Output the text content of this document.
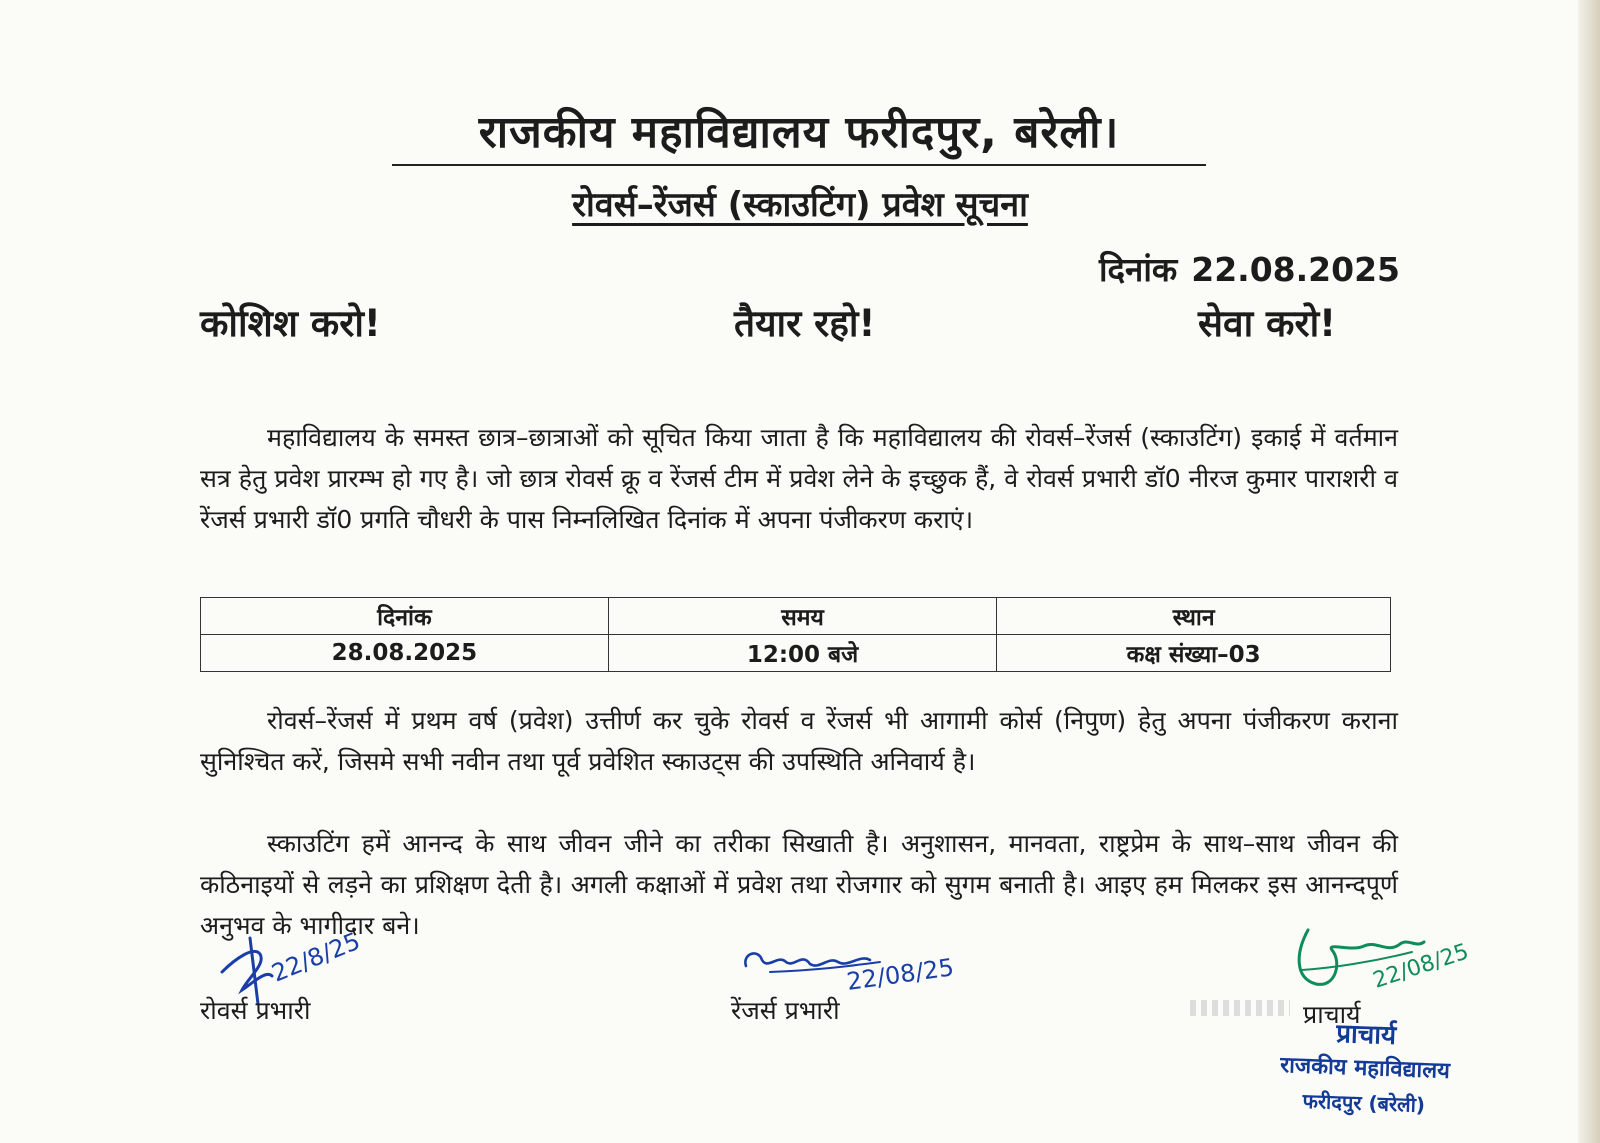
राजकीय महाविद्यालय फरीदपुर, बरेली।
रोवर्स–रेंजर्स (स्काउटिंग) प्रवेश सूचना
दिनांक 22.08.2025
कोशिश करो!	तैयार रहो!	सेवा करो!

महाविद्यालय के समस्त छात्र–छात्राओं को सूचित किया जाता है कि महाविद्यालय की रोवर्स–रेंजर्स (स्काउटिंग) इकाई में वर्तमान सत्र हेतु प्रवेश प्रारम्भ हो गए है। जो छात्र रोवर्स क्रू व रेंजर्स टीम में प्रवेश लेने के इच्छुक हैं, वे रोवर्स प्रभारी डॉ0 नीरज कुमार पाराशरी व रेंजर्स प्रभारी डॉ0 प्रगति चौधरी के पास निम्नलिखित दिनांक में अपना पंजीकरण कराएं।

दिनांक	समय	स्थान
28.08.2025	12:00 बजे	कक्ष संख्या–03

रोवर्स–रेंजर्स में प्रथम वर्ष (प्रवेश) उत्तीर्ण कर चुके रोवर्स व रेंजर्स भी आगामी कोर्स (निपुण) हेतु अपना पंजीकरण कराना सुनिश्चित करें, जिसमे सभी नवीन तथा पूर्व प्रवेशित स्काउट्स की उपस्थिति अनिवार्य है।

स्काउटिंग हमें आनन्द के साथ जीवन जीने का तरीका सिखाती है। अनुशासन, मानवता, राष्ट्रप्रेम के साथ–साथ जीवन की कठिनाइयों से लड़ने का प्रशिक्षण देती है। अगली कक्षाओं में प्रवेश तथा रोजगार को सुगम बनाती है। आइए हम मिलकर इस आनन्दपूर्ण अनुभव के भागीदार बने।

22/8/25	22/08/25	22/08/25
रोवर्स प्रभारी	रेंजर्स प्रभारी	प्राचार्य
प्राचार्य
राजकीय महाविद्यालय
फरीदपुर (बरेली)
